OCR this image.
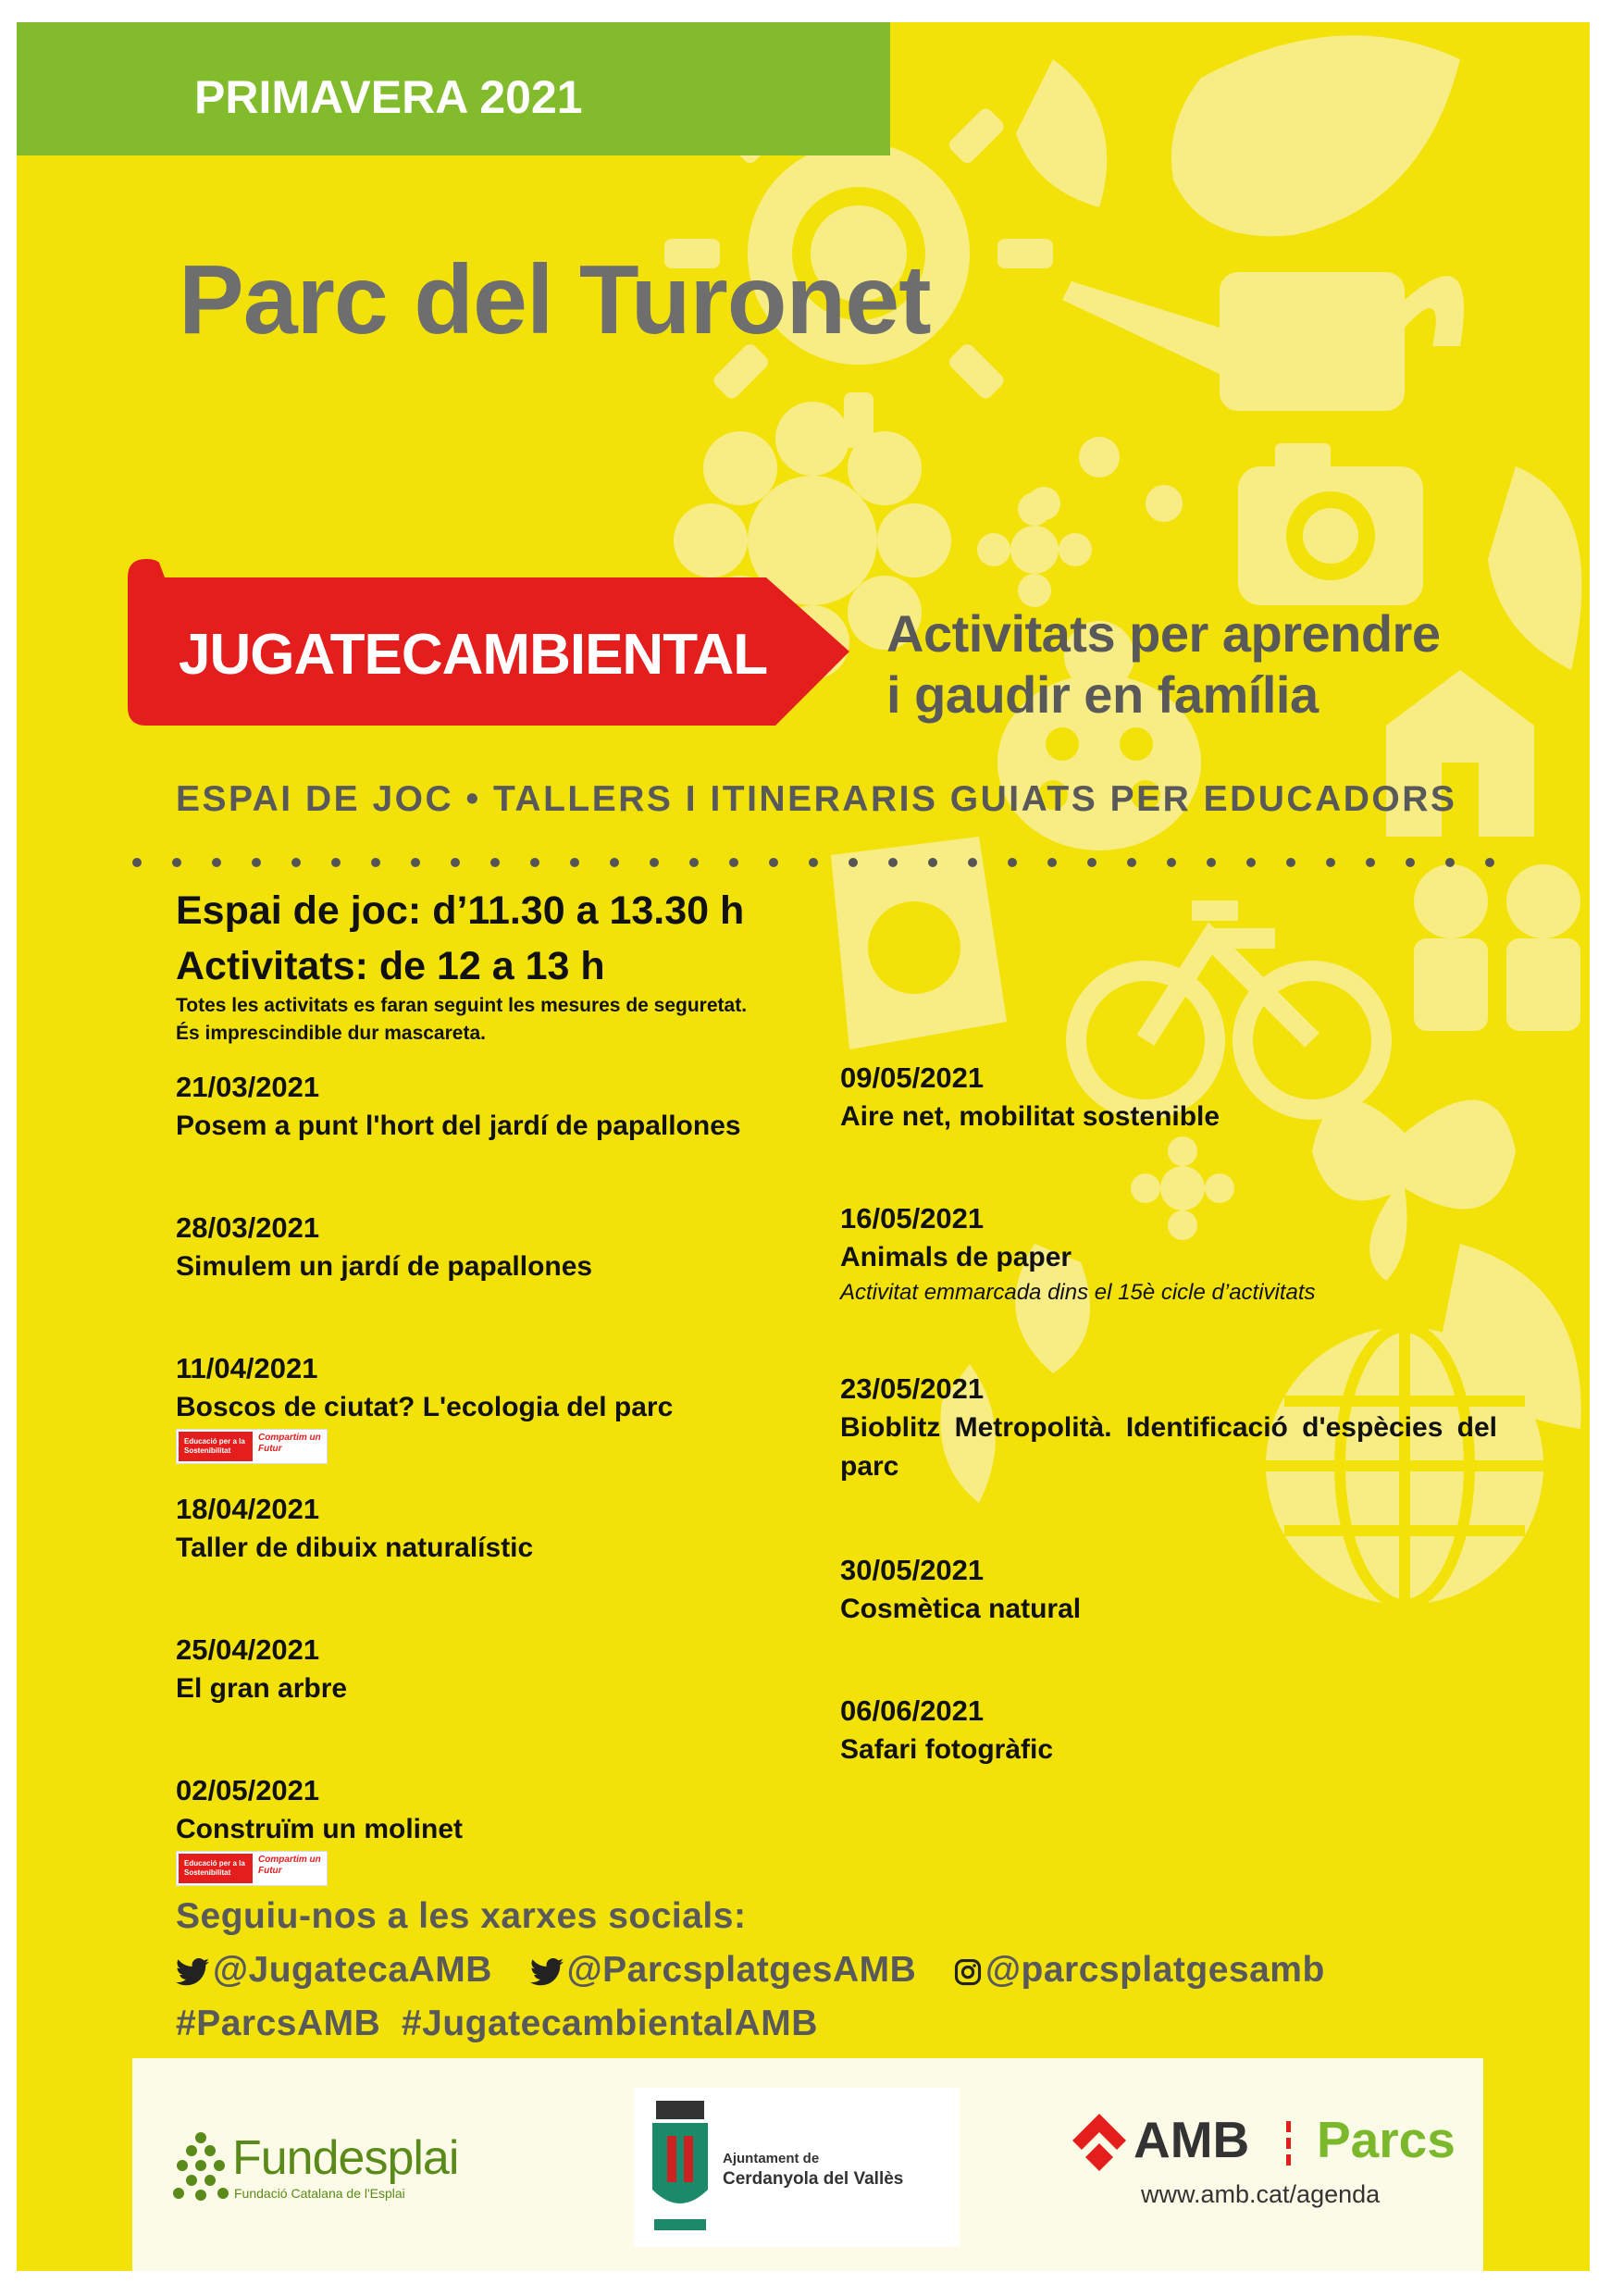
PRIMAVERA 2021
Parc del Turonet
JUGATECAMBIENTAL Activitats per aprendre
i gaudir en família
ESPAI DE JOC • TALLERS I ITINERARIS GUIATS PER EDUCADORS
Espai de joc: d’11.30 a 13.30 h
Activitats: de 12 a 13 h
Totes les activitats es faran seguint les mesures de seguretat.
És imprescindible dur mascareta.
21/03/2021
Posem a punt l'hort del jardí de papallones
28/03/2021
Simulem un jardí de papallones
11/04/2021
Boscos de ciutat? L'ecologia del parc
Educació per a la Sostenibilitat
Compartim un Futur
18/04/2021
Taller de dibuix naturalístic
25/04/2021
El gran arbre
02/05/2021
Construïm un molinet
Educació per a la Sostenibilitat
Compartim un Futur
09/05/2021
Aire net, mobilitat sostenible
16/05/2021
Animals de paper
Activitat emmarcada dins el 15è cicle d’activitats
23/05/2021
Bioblitz Metropolità. Identificació d'espècies del parc
30/05/2021
Cosmètica natural
06/06/2021
Safari fotogràfic
Seguiu-nos a les xarxes socials:
@JugatecaAMB @ParcsplatgesAMB @parcsplatgesamb
#ParcsAMB  #JugatecambientalAMB
Fundesplai
Fundació Catalana de l'Esplai
Ajuntament de
Cerdanyola del Vallès
AMB Parcs
www.amb.cat/agenda
